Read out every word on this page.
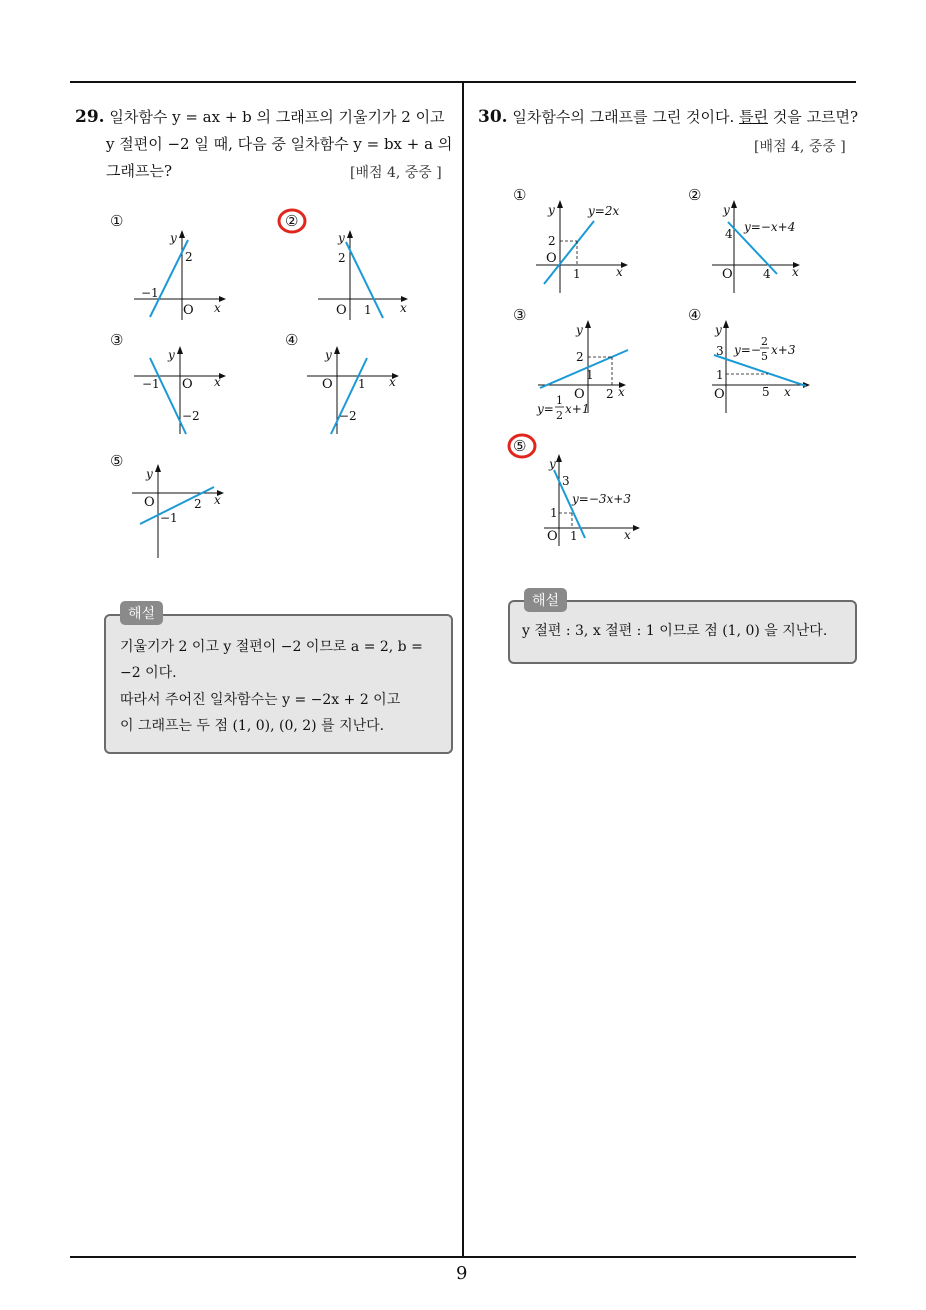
29. 일차함수 y = ax + b 의 그래프의 기울기가 2 이고
y 절편이 −2 일 때, 다음 중 일차함수 y = bx + a 의
그래프는?	[배점 4, 중중 ]
①	②
③	④
⑤
y
x
O
2
−1
y
x
O
2
1
y
x
O
−1
−2
y
x
O 1
−2
y
x
O	2
−1
기울기가 2 이고 y 절편이 −2 이므로 a = 2, b =
−2 이다.
따라서 주어진 일차함수는 y = −2x + 2 이고
이 그래프는 두 점 (1, 0), (0, 2) 를 지난다.
해설
30. 일차함수의 그래프를 그린 것이다. 틀린 것을 고르면?
[배점 4, 중중 ]
①	②
③	④
⑤
y
x
O
y=2x
2
1
y
x
O
y=−x+4
4
4
y
x
O
2
1
2
y=
1
2 x+1
y
x
O
3
1
5
y=−
2
5 x+3
y
x
O
y=−3x+3
3
1
1
y 절편 : 3, x 절편 : 1 이므로 점 (1, 0) 을 지난다.
해설
9
